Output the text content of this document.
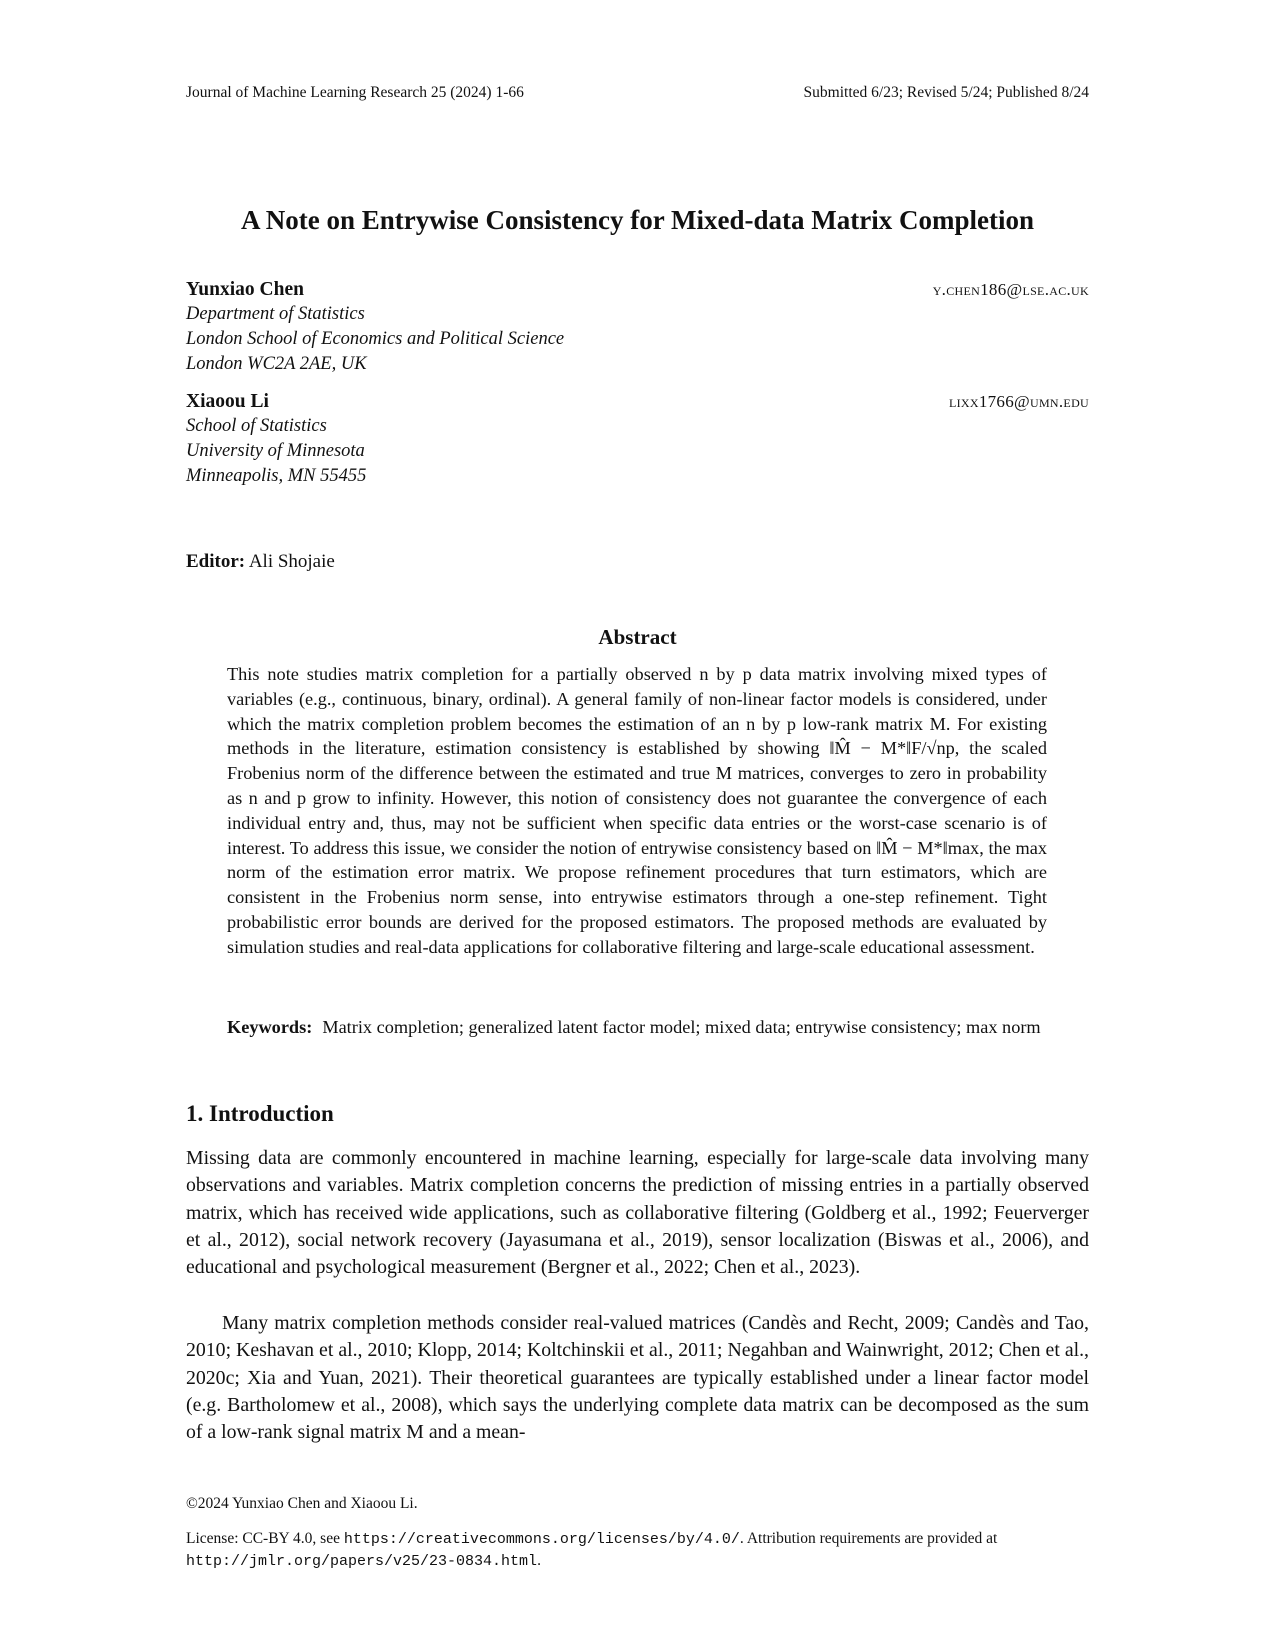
Journal of Machine Learning Research 25 (2024) 1-66	Submitted 6/23; Revised 5/24; Published 8/24
A Note on Entrywise Consistency for Mixed-data Matrix Completion
Yunxiao Chen	y.chen186@lse.ac.uk
Department of Statistics
London School of Economics and Political Science
London WC2A 2AE, UK
Xiaoou Li	lixx1766@umn.edu
School of Statistics
University of Minnesota
Minneapolis, MN 55455
Editor: Ali Shojaie
Abstract
This note studies matrix completion for a partially observed n by p data matrix involving mixed types of variables (e.g., continuous, binary, ordinal). A general family of non-linear factor models is considered, under which the matrix completion problem becomes the estimation of an n by p low-rank matrix M. For existing methods in the literature, estimation consistency is established by showing ‖M̂ − M*‖F/√np, the scaled Frobenius norm of the difference between the estimated and true M matrices, converges to zero in probability as n and p grow to infinity. However, this notion of consistency does not guarantee the convergence of each individual entry and, thus, may not be sufficient when specific data entries or the worst-case scenario is of interest. To address this issue, we consider the notion of entrywise consistency based on ‖M̂ − M*‖max, the max norm of the estimation error matrix. We propose refinement procedures that turn estimators, which are consistent in the Frobenius norm sense, into entrywise estimators through a one-step refinement. Tight probabilistic error bounds are derived for the proposed estimators. The proposed methods are evaluated by simulation studies and real-data applications for collaborative filtering and large-scale educational assessment.
Keywords: Matrix completion; generalized latent factor model; mixed data; entrywise consistency; max norm
1. Introduction
Missing data are commonly encountered in machine learning, especially for large-scale data involving many observations and variables. Matrix completion concerns the prediction of missing entries in a partially observed matrix, which has received wide applications, such as collaborative filtering (Goldberg et al., 1992; Feuerverger et al., 2012), social network recovery (Jayasumana et al., 2019), sensor localization (Biswas et al., 2006), and educational and psychological measurement (Bergner et al., 2022; Chen et al., 2023).
Many matrix completion methods consider real-valued matrices (Candès and Recht, 2009; Candès and Tao, 2010; Keshavan et al., 2010; Klopp, 2014; Koltchinskii et al., 2011; Negahban and Wainwright, 2012; Chen et al., 2020c; Xia and Yuan, 2021). Their theoretical guarantees are typically established under a linear factor model (e.g. Bartholomew et al., 2008), which says the underlying complete data matrix can be decomposed as the sum of a low-rank signal matrix M and a mean-
©2024 Yunxiao Chen and Xiaoou Li.
License: CC-BY 4.0, see https://creativecommons.org/licenses/by/4.0/. Attribution requirements are provided at http://jmlr.org/papers/v25/23-0834.html.
